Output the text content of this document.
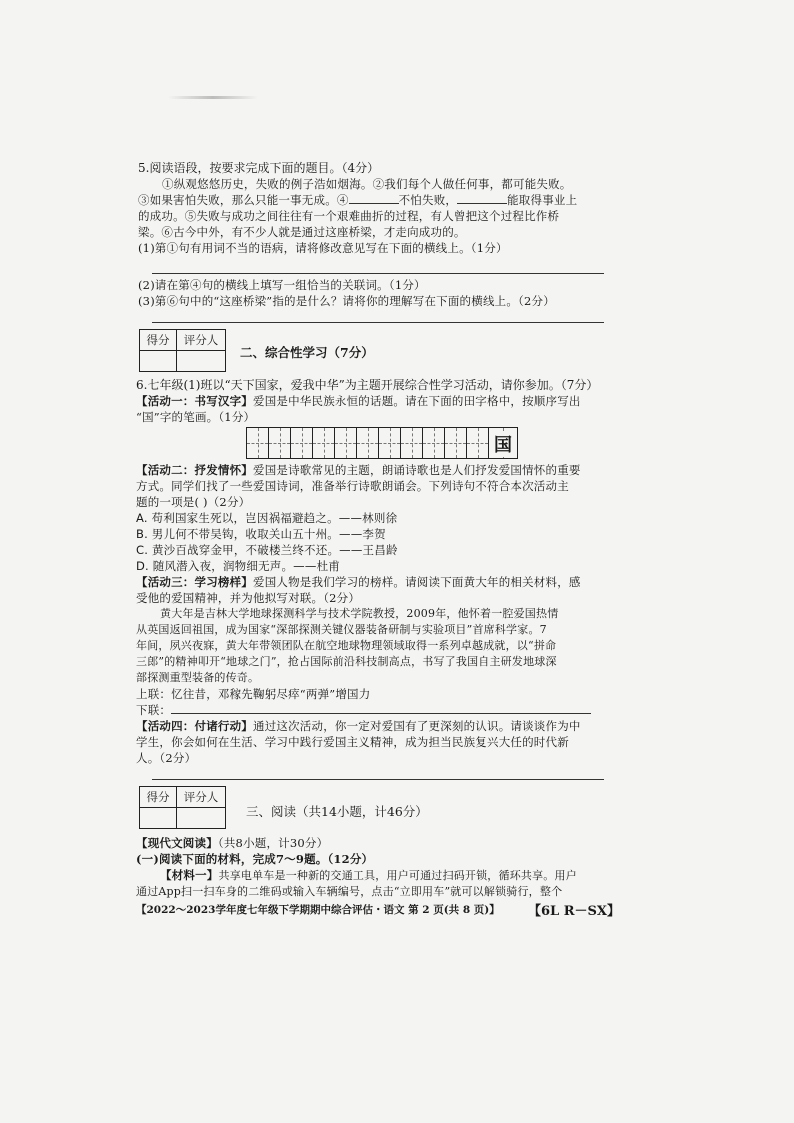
5.阅读语段，按要求完成下面的题目。（4分）
①纵观悠悠历史，失败的例子浩如烟海。②我们每个人做任何事，都可能失败。
③如果害怕失败，那么只能一事无成。④	不怕失败，	能取得事业上
的成功。⑤失败与成功之间往往有一个艰难曲折的过程，有人曾把这个过程比作桥
梁。⑥古今中外，有不少人就是通过这座桥梁，才走向成功的。
(1)第①句有用词不当的语病，请将修改意见写在下面的横线上。（1分）
(2)请在第④句的横线上填写一组恰当的关联词。（1分）
(3)第⑥句中的“这座桥梁”指的是什么？请将你的理解写在下面的横线上。（2分）
得分	评分人

二、综合性学习（7分）
6.七年级(1)班以“天下国家，爱我中华”为主题开展综合性学习活动，请你参加。（7分）
【活动一：书写汉字】爱国是中华民族永恒的话题。请在下面的田字格中，按顺序写出
“国”字的笔画。（1分）
国
【活动二：抒发情怀】爱国是诗歌常见的主题，朗诵诗歌也是人们抒发爱国情怀的重要
方式。同学们找了一些爱国诗词，准备举行诗歌朗诵会。下列诗句不符合本次活动主
题的一项是( )（2分）
A. 苟利国家生死以，岂因祸福避趋之。——林则徐
B. 男儿何不带吴钩，收取关山五十州。——李贺
C. 黄沙百战穿金甲，不破楼兰终不还。——王昌龄
D. 随风潜入夜，润物细无声。——杜甫
【活动三：学习榜样】爱国人物是我们学习的榜样。请阅读下面黄大年的相关材料，感
受他的爱国精神，并为他拟写对联。（2分）
黄大年是吉林大学地球探测科学与技术学院教授，2009年，他怀着一腔爱国热情
从英国返回祖国，成为国家“深部探测关键仪器装备研制与实验项目”首席科学家。7
年间，夙兴夜寐，黄大年带领团队在航空地球物理领域取得一系列卓越成就，以“拼命
三郎”的精神叩开“地球之门”，抢占国际前沿科技制高点，书写了我国自主研发地球深
部探测重型装备的传奇。
上联：忆往昔，邓稼先鞠躬尽瘁“两弹”增国力
下联：
【活动四：付诸行动】通过这次活动，你一定对爱国有了更深刻的认识。请谈谈作为中
学生，你会如何在生活、学习中践行爱国主义精神，成为担当民族复兴大任的时代新
人。（2分）
得分	评分人

三、阅读（共14小题，计46分）
【现代文阅读】（共8小题，计30分）
(一)阅读下面的材料，完成7～9题。（12分）
【材料一】共享电单车是一种新的交通工具，用户可通过扫码开锁，循环共享。用户
通过App扫一扫车身的二维码或输入车辆编号，点击“立即用车”就可以解锁骑行，整个
【2022～2023学年度七年级下学期期中综合评估・语文 第 2 页(共 8 页)】 【6L R－SX】
